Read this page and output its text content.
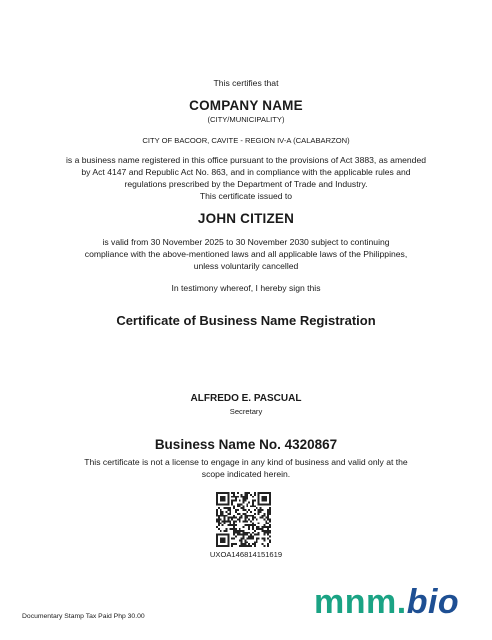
This certifies that
COMPANY NAME
(CITY/MUNICIPALITY)
CITY OF BACOOR, CAVITE - REGION IV-A (CALABARZON)
is a business name registered in this office pursuant to the provisions of Act 3883, as amended
by Act 4147 and Republic Act No. 863, and in compliance with the applicable rules and
regulations prescribed by the Department of Trade and Industry.
This certificate issued to
JOHN CITIZEN
is valid from 30 November 2025 to 30 November 2030 subject to continuing
compliance with the above-mentioned laws and all applicable laws of the Philippines,
unless voluntarily cancelled
In testimony whereof, I hereby sign this
Certificate of Business Name Registration
ALFREDO E. PASCUAL
Secretary
Business Name No. 4320867
This certificate is not a license to engage in any kind of business and valid only at the
scope indicated herein.
UXOA146814151619
Documentary Stamp Tax Paid Php 30.00	mnm.bio
